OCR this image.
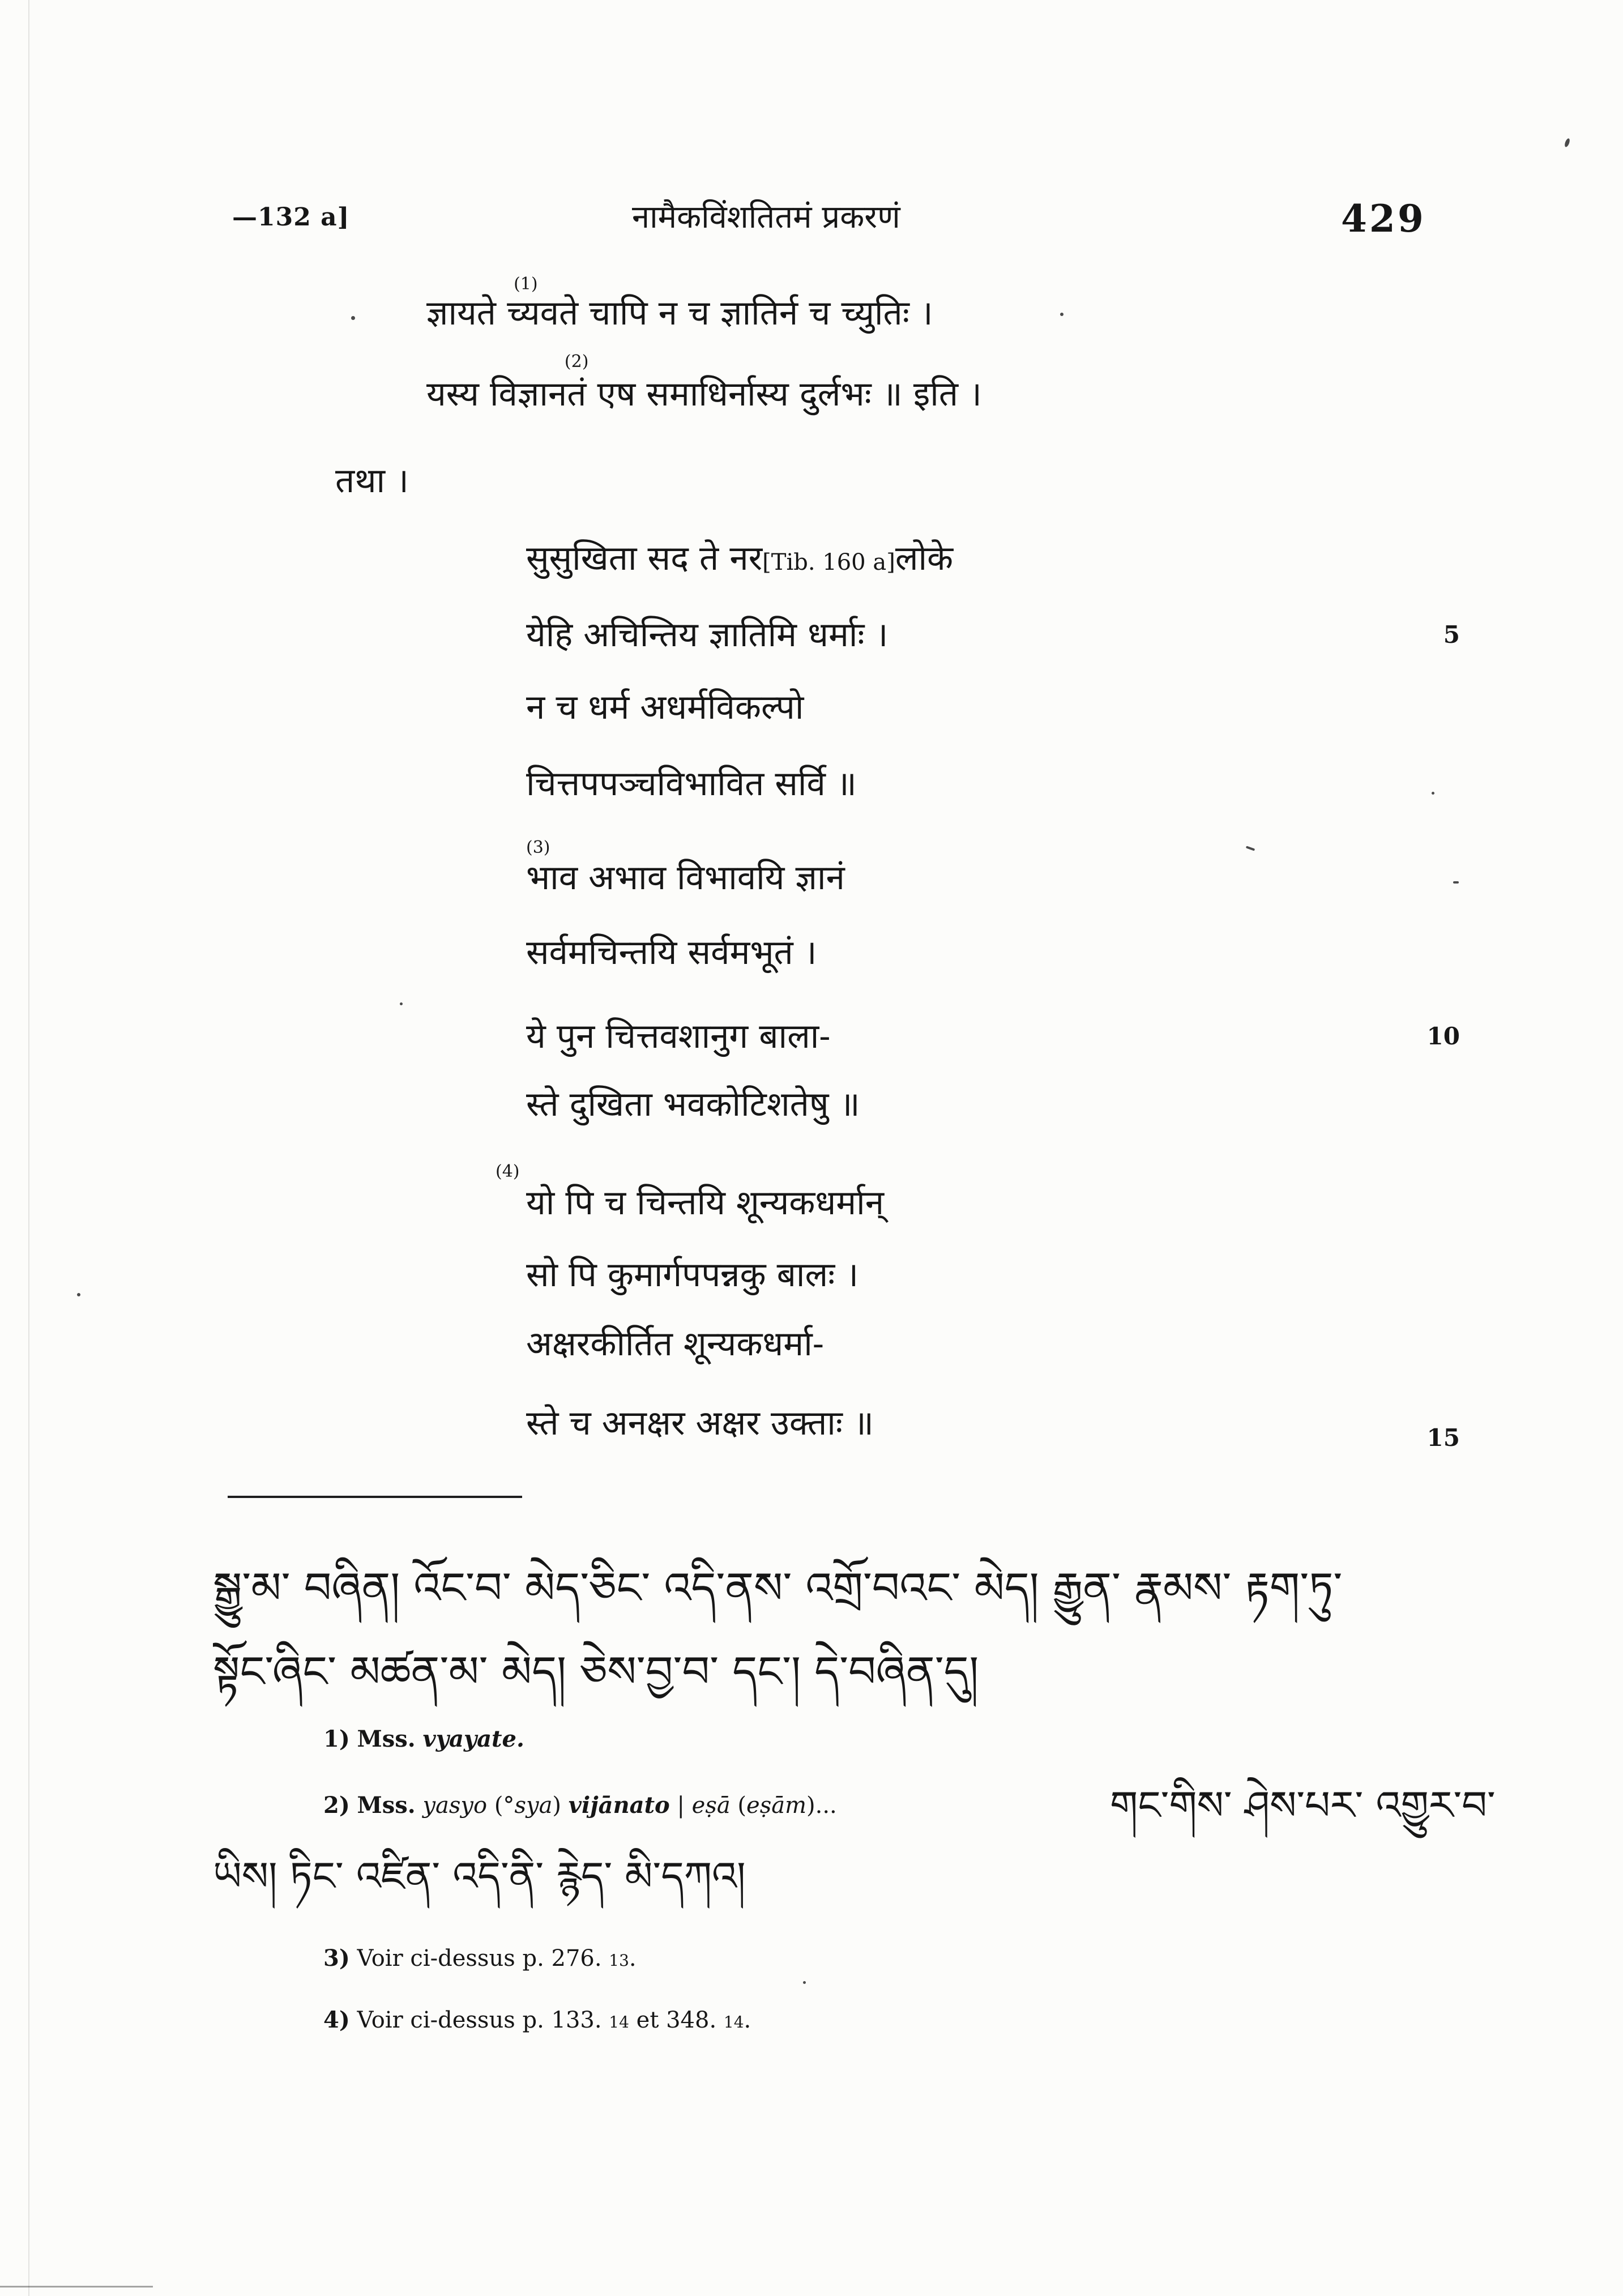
—132 a]	नामैकविंशतितमं प्रकरणं	429
ज्ञायते
(1)
च्यवते चापि न च ज्ञातिर्न च च्युतिः ।
यस्य
(2)
विज्ञानतं एष समाधिर्नास्य दुर्लभः ॥ इति ।
तथा ।
सुसुखिता सद ते नर[Tib. 160 a]लोके
येहि अचिन्तिय ज्ञातिमि धर्माः ।
न च धर्म अधर्मविकल्पो
चित्तपपञ्चविभावित सर्वि ॥
(3)
भाव अभाव विभावयि ज्ञानं
सर्वमचिन्तयि सर्वमभूतं ।
ये पुन चित्तवशानुग बाला-
स्ते दुखिता भवकोटिशतेषु ॥
(4)
यो पि च चिन्तयि शून्यकधर्मान्
सो पि कुमार्गपपन्नकु बालः ।
अक्षरकीर्तित शून्यकधर्मा-
स्ते च अनक्षर अक्षर उक्ताः ॥
5
10
15
སྒྱུ་མ་ བཞིན། འོང་བ་ མེད་ཅིང་ འདི་ནས་ འགྲོ་བའང་ མེད། རྒྱུན་ རྣམས་ རྟག་ཏུ་
སྟོང་ཞིང་ མཚན་མ་ མེད། ཅེས་བྱ་བ་ དང་། དེ་བཞིན་དུ།
1) Mss. vyayate.
2) Mss. yasyo (°sya) vijānato | eṣā (eṣām)...	གང་གིས་ ཤེས་པར་ འགྱུར་བ་
ཡིས། ཏིང་ འཛིན་ འདི་ནི་ རྙེད་ མི་དཀའ།
3) Voir ci-dessus p. 276. 13.
4) Voir ci-dessus p. 133. 14 et 348. 14.
